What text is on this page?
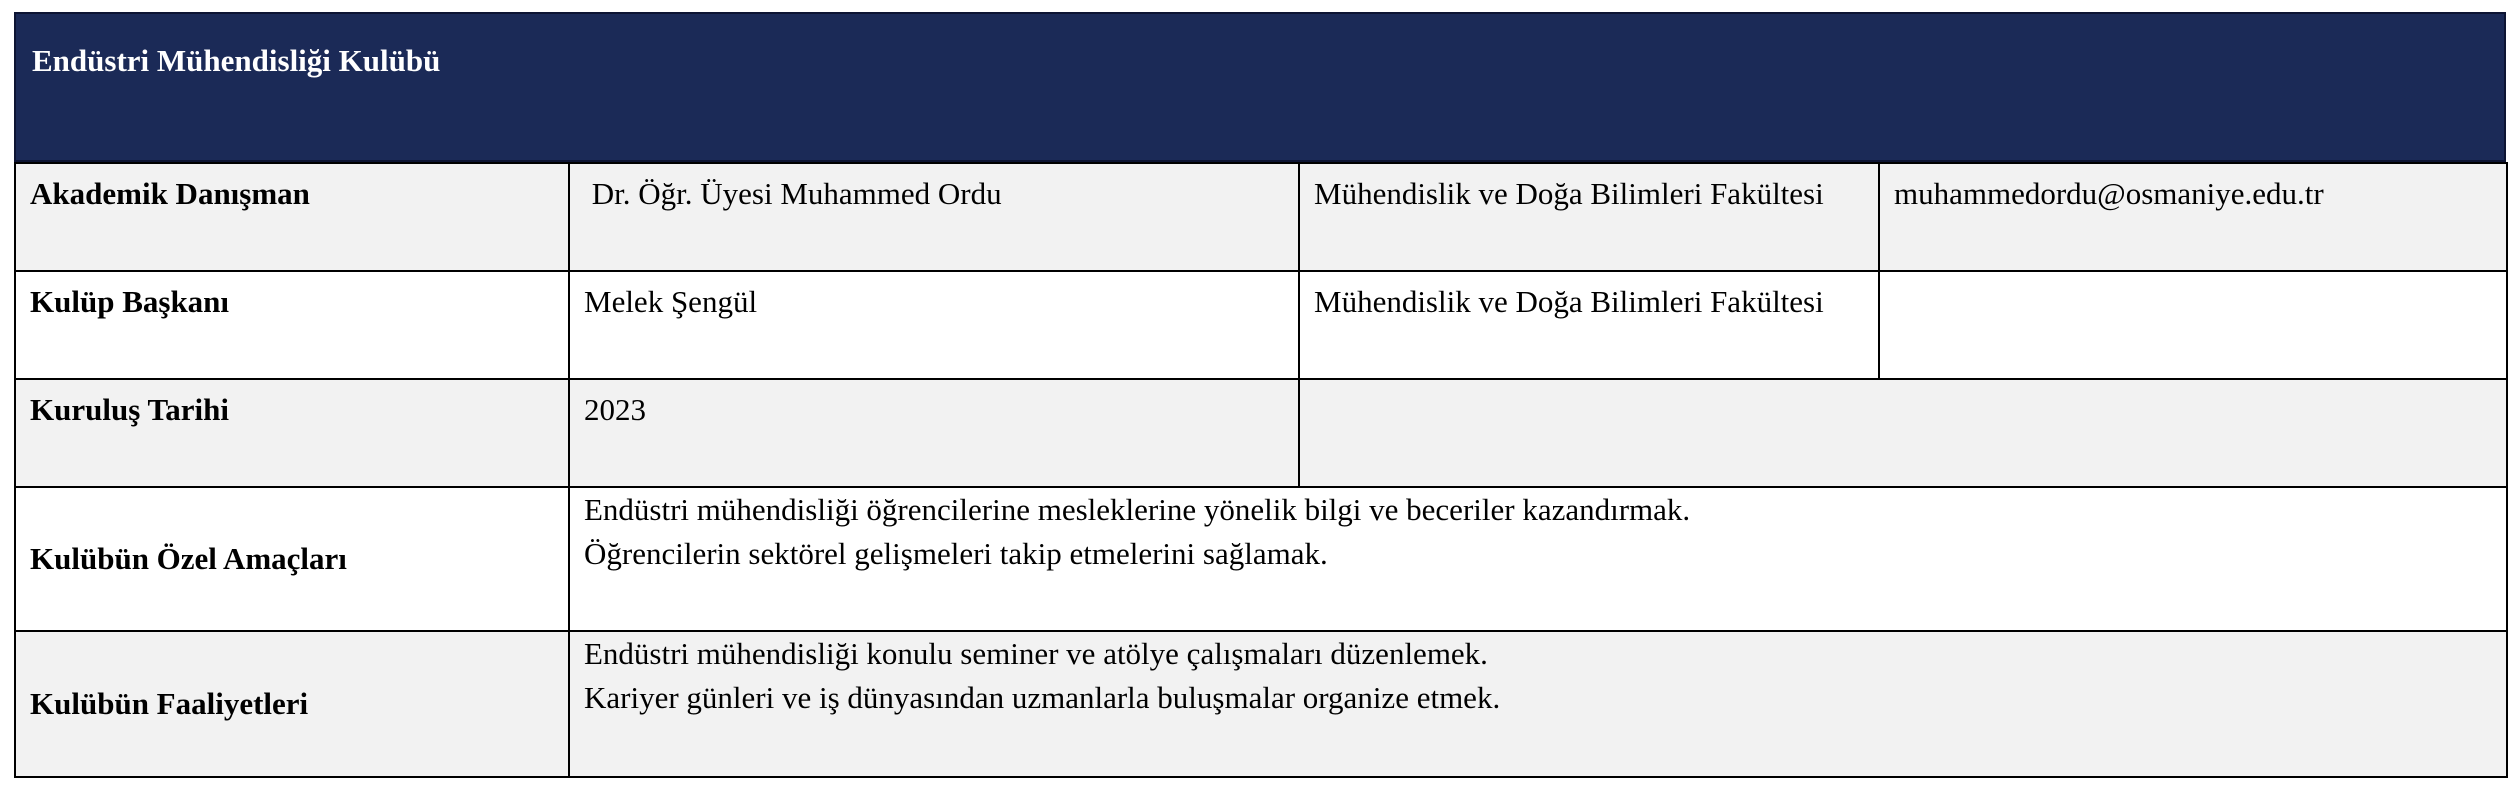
Endüstri Mühendisliği Kulübü
Akademik Danışman	Dr. Öğr. Üyesi Muhammed Ordu	Mühendislik ve Doğa Bilimleri Fakültesi	muhammedordu@osmaniye.edu.tr
Kulüp Başkanı	Melek Şengül	Mühendislik ve Doğa Bilimleri Fakültesi	
Kuruluş Tarihi	2023		
Kulübün Özel Amaçları	Endüstri mühendisliği öğrencilerine mesleklerine yönelik bilgi ve beceriler kazandırmak.
Öğrencilerin sektörel gelişmeleri takip etmelerini sağlamak.		

Kulübün Faaliyetleri	Endüstri mühendisliği konulu seminer ve atölye çalışmaları düzenlemek.
Kariyer günleri ve iş dünyasından uzmanlarla buluşmalar organize etmek.		
